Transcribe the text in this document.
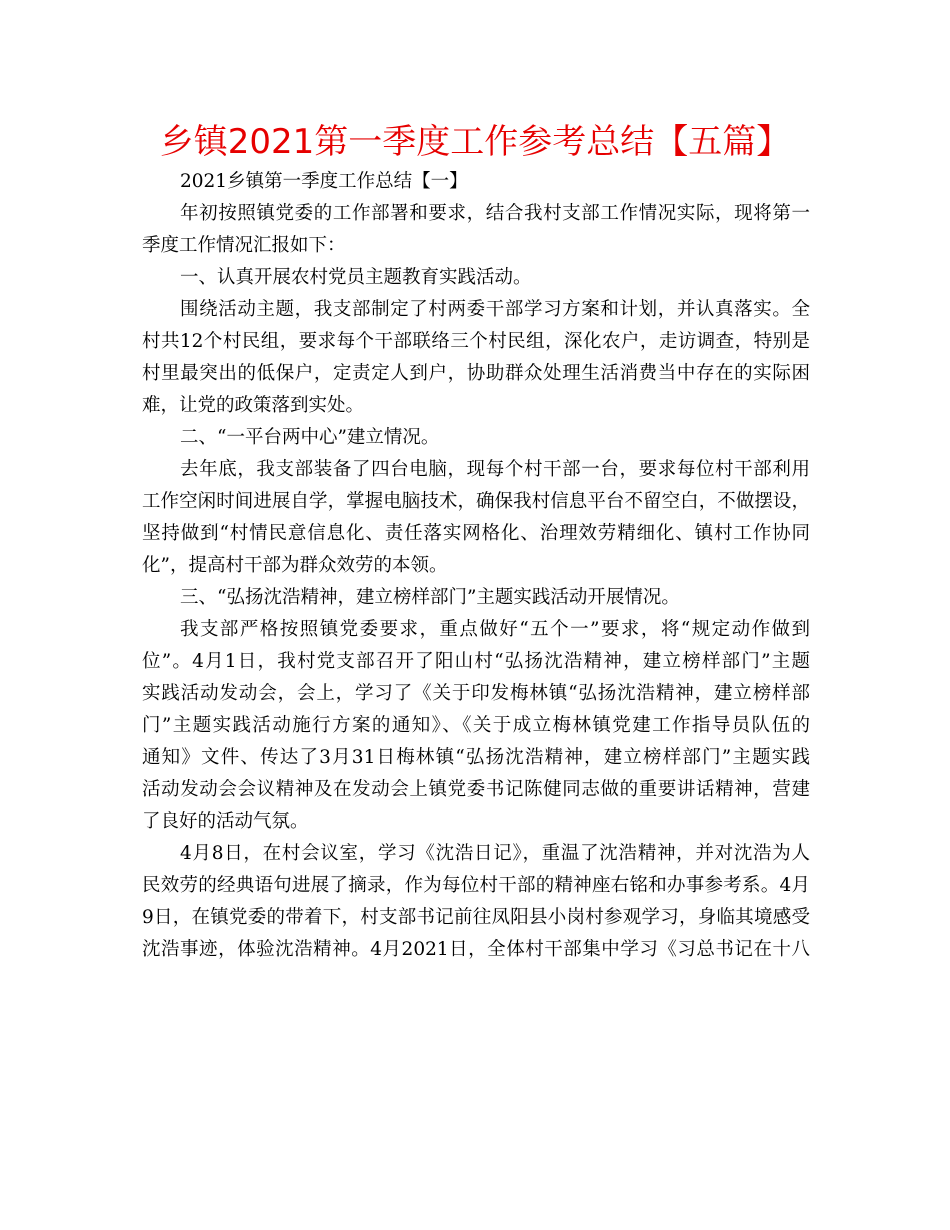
乡镇2021第一季度工作参考总结【五篇】
2021乡镇第一季度工作总结【一】
年初按照镇党委的工作部署和要求，结合我村支部工作情况实际，现将第一
季度工作情况汇报如下：
一、认真开展农村党员主题教育实践活动。
围绕活动主题，我支部制定了村两委干部学习方案和计划，并认真落实。全
村共12个村民组，要求每个干部联络三个村民组，深化农户，走访调查，特别是
村里最突出的低保户，定责定人到户，协助群众处理生活消费当中存在的实际困
难，让党的政策落到实处。
二、“一平台两中心”建立情况。
去年底，我支部装备了四台电脑，现每个村干部一台，要求每位村干部利用
工作空闲时间进展自学，掌握电脑技术，确保我村信息平台不留空白，不做摆设，
坚持做到“村情民意信息化、责任落实网格化、治理效劳精细化、镇村工作协同
化”，提高村干部为群众效劳的本领。
三、“弘扬沈浩精神，建立榜样部门”主题实践活动开展情况。
我支部严格按照镇党委要求，重点做好“五个一”要求，将“规定动作做到
位”。4月1日，我村党支部召开了阳山村“弘扬沈浩精神，建立榜样部门”主题
实践活动发动会，会上，学习了《关于印发梅林镇“弘扬沈浩精神，建立榜样部
门”主题实践活动施行方案的通知》、《关于成立梅林镇党建工作指导员队伍的
通知》文件、传达了3月31日梅林镇“弘扬沈浩精神，建立榜样部门”主题实践
活动发动会会议精神及在发动会上镇党委书记陈健同志做的重要讲话精神，营建
了良好的活动气氛。
4月8日，在村会议室，学习《沈浩日记》，重温了沈浩精神，并对沈浩为人
民效劳的经典语句进展了摘录，作为每位村干部的精神座右铭和办事参考系。4月
9日，在镇党委的带着下，村支部书记前往凤阳县小岗村参观学习，身临其境感受
沈浩事迹，体验沈浩精神。4月2021日，全体村干部集中学习《习总书记在十八
